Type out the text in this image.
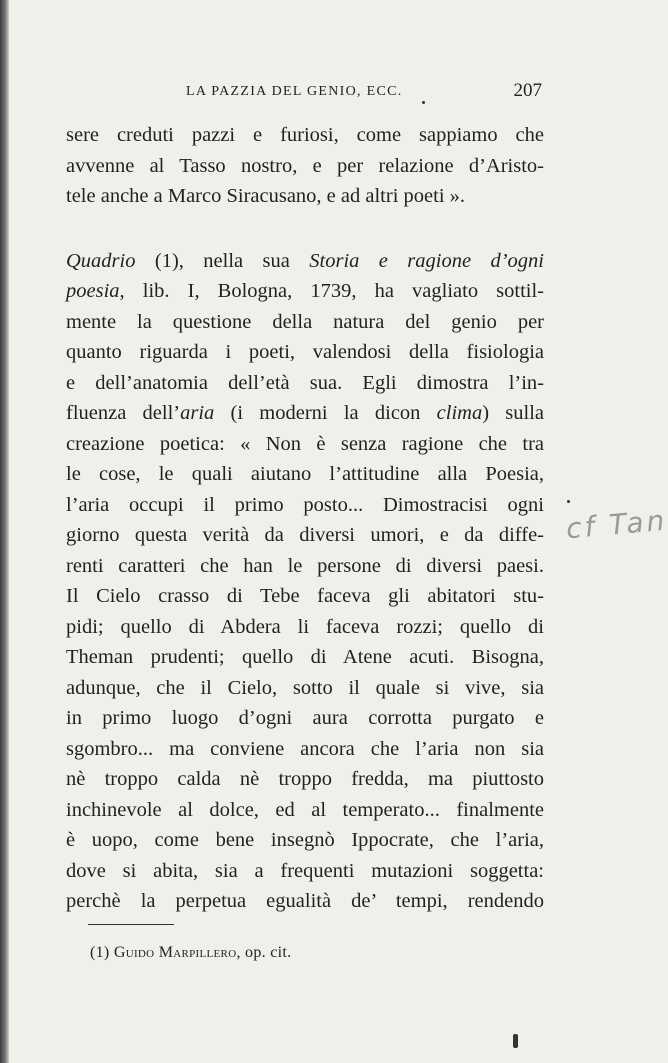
LA PAZZIA DEL GENIO, ECC.	207
sere creduti pazzi e furiosi, come sappiamo che
avvenne al Tasso nostro, e per relazione d’Aristo-
tele anche a Marco Siracusano, e ad altri poeti ».
Quadrio (1), nella sua Storia e ragione d’ogni
poesia, lib. I, Bologna, 1739, ha vagliato sottil-
mente la questione della natura del genio per
quanto riguarda i poeti, valendosi della fisiologia
e dell’anatomia dell’età sua. Egli dimostra l’in-
fluenza dell’aria (i moderni la dicon clima) sulla
creazione poetica: « Non è senza ragione che tra
le cose, le quali aiutano l’attitudine alla Poesia,
l’aria occupi il primo posto... Dimostracisi ogni
giorno questa verità da diversi umori, e da diffe-
renti caratteri che han le persone di diversi paesi.
Il Cielo crasso di Tebe faceva gli abitatori stu-
pidi; quello di Abdera li faceva rozzi; quello di
Theman prudenti; quello di Atene acuti. Bisogna,
adunque, che il Cielo, sotto il quale si vive, sia
in primo luogo d’ogni aura corrotta purgato e
sgombro... ma conviene ancora che l’aria non sia
nè troppo calda nè troppo fredda, ma piuttosto
inchinevole al dolce, ed al temperato... finalmente
è uopo, come bene insegnò Ippocrate, che l’aria,
dove si abita, sia a frequenti mutazioni soggetta:
perchè la perpetua egualità de’ tempi, rendendo
cf Tan
(1) Guido Marpillero, op. cit.
